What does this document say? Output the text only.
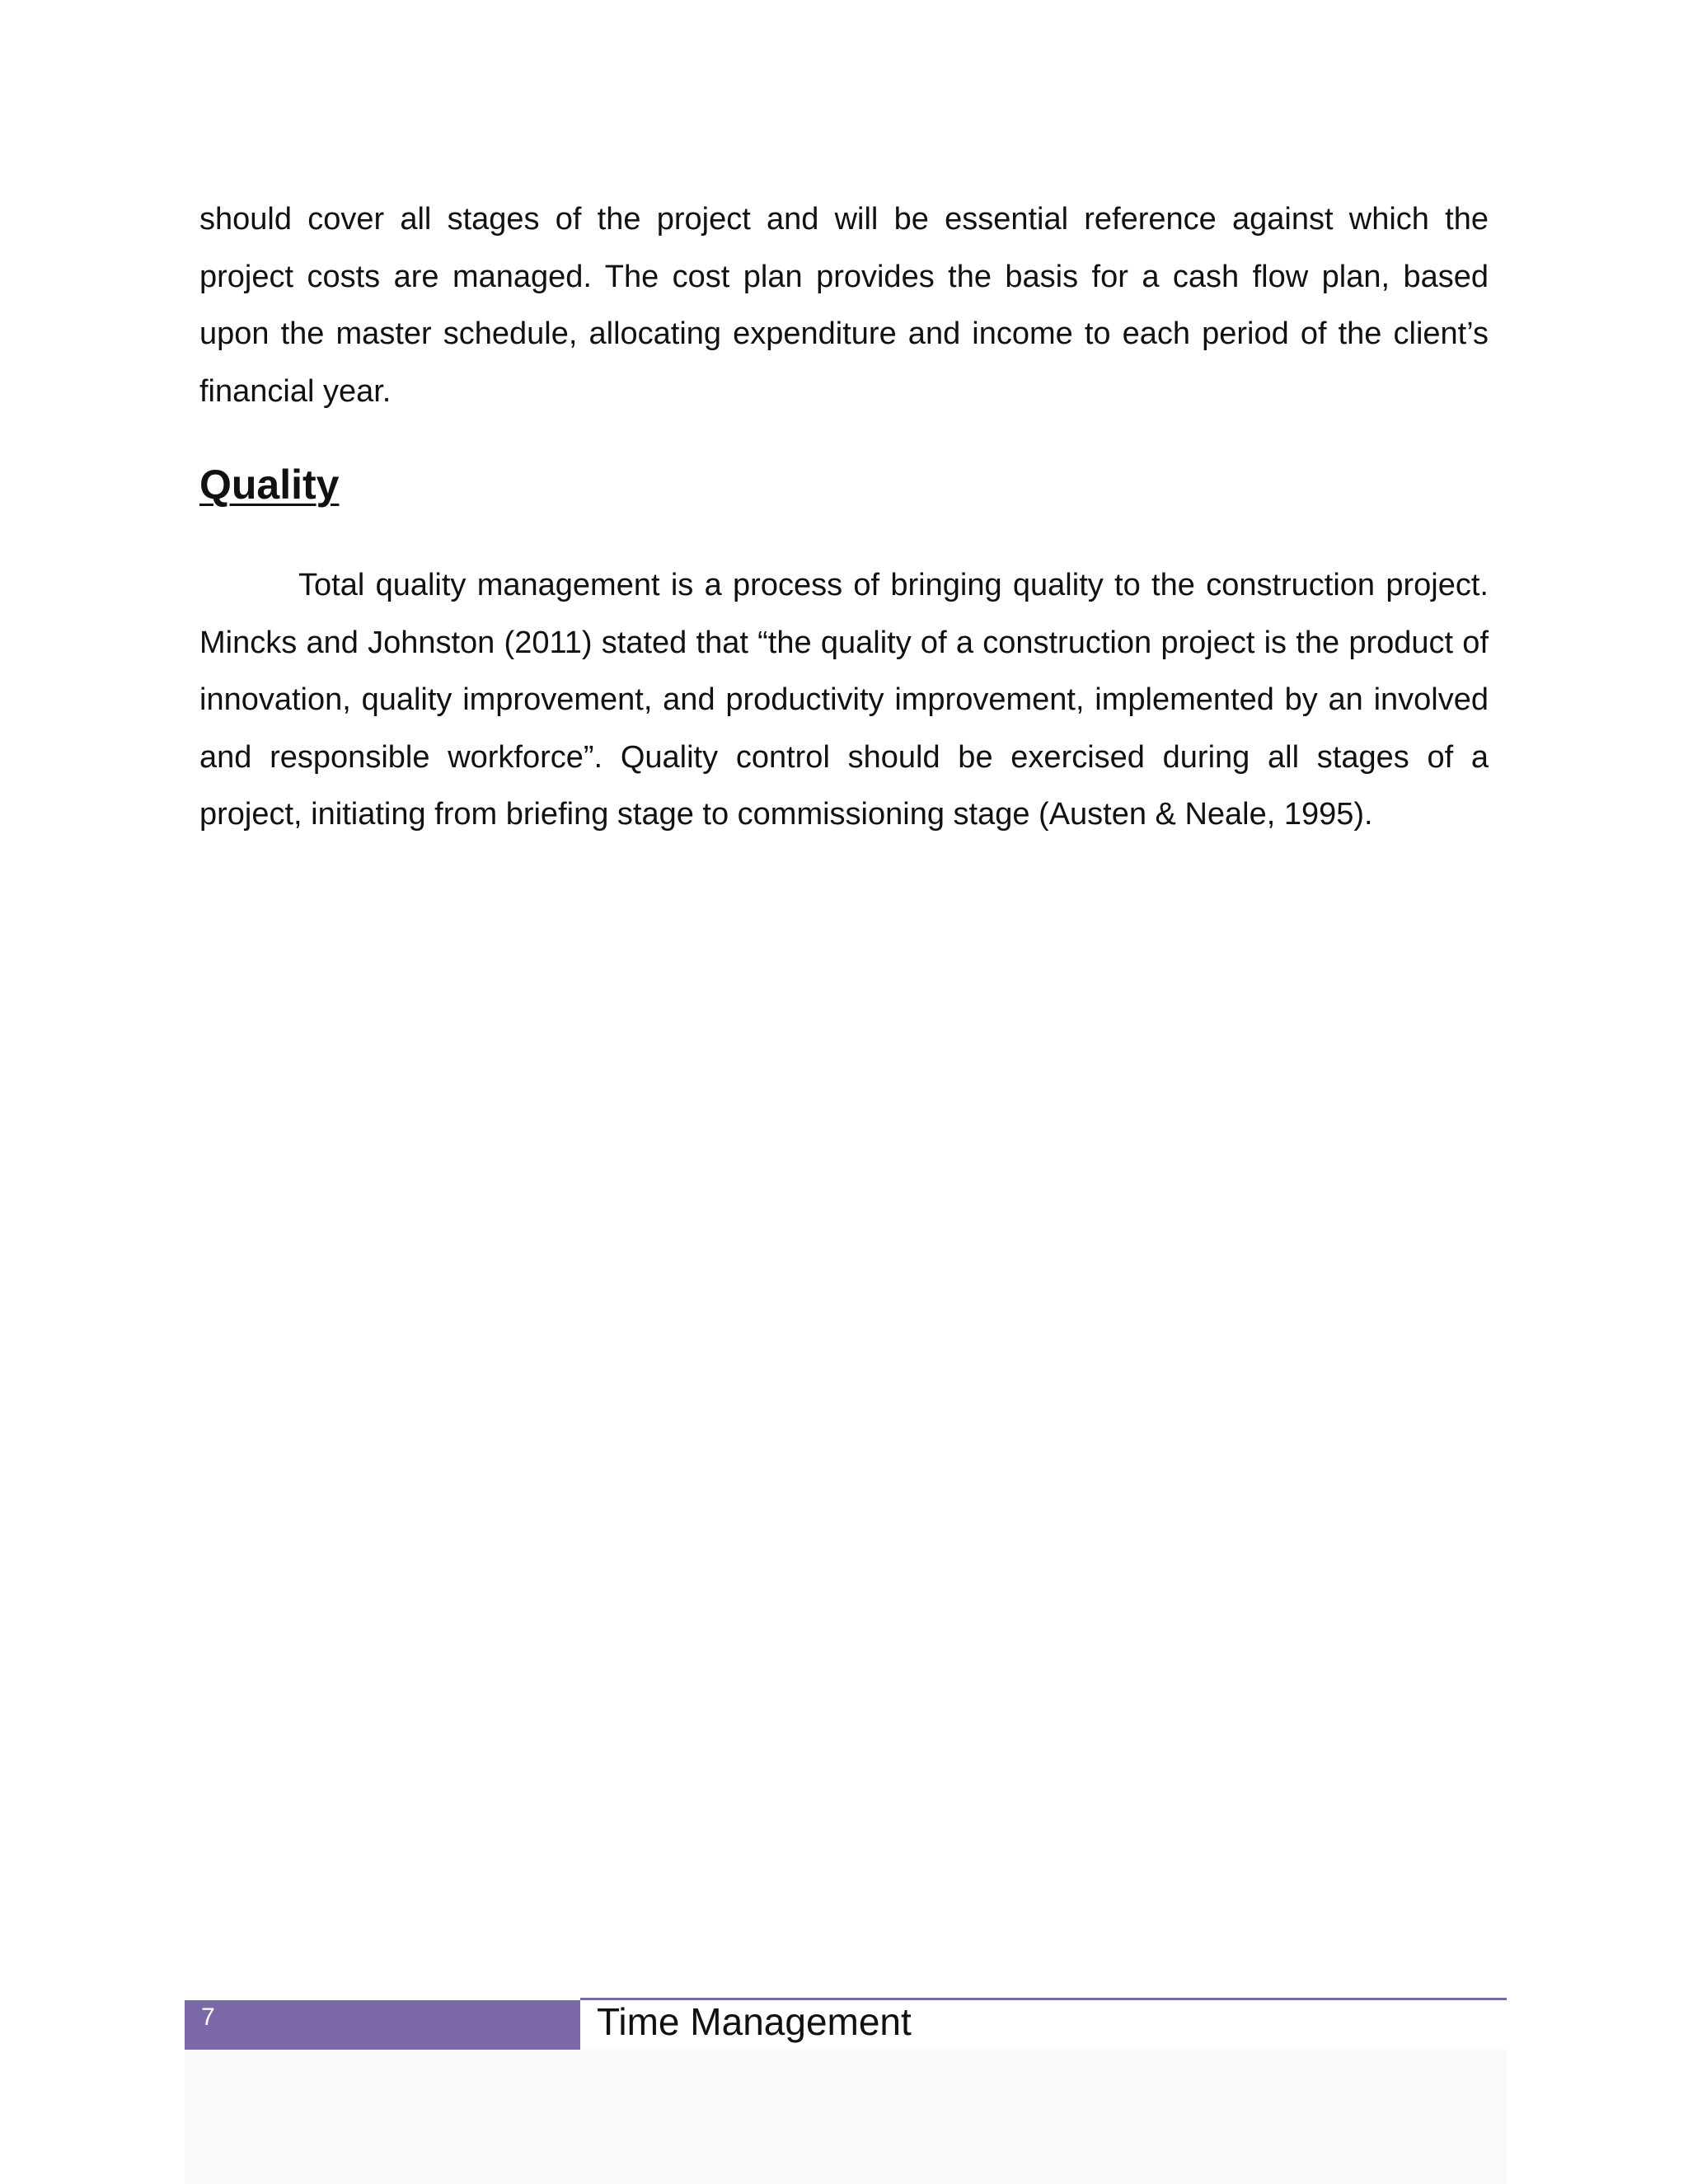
should cover all stages of the project and will be essential reference against which the project costs are managed. The cost plan provides the basis for a cash flow plan, based upon the master schedule, allocating expenditure and income to each period of the client’s financial year.

Quality

Total quality management is a process of bringing quality to the construction project. Mincks and Johnston (2011) stated that “the quality of a construction project is the product of innovation, quality improvement, and productivity improvement, implemented by an involved and responsible workforce”. Quality control should be exercised during all stages of a project, initiating from briefing stage to commissioning stage (Austen & Neale, 1995).

7	Time Management
